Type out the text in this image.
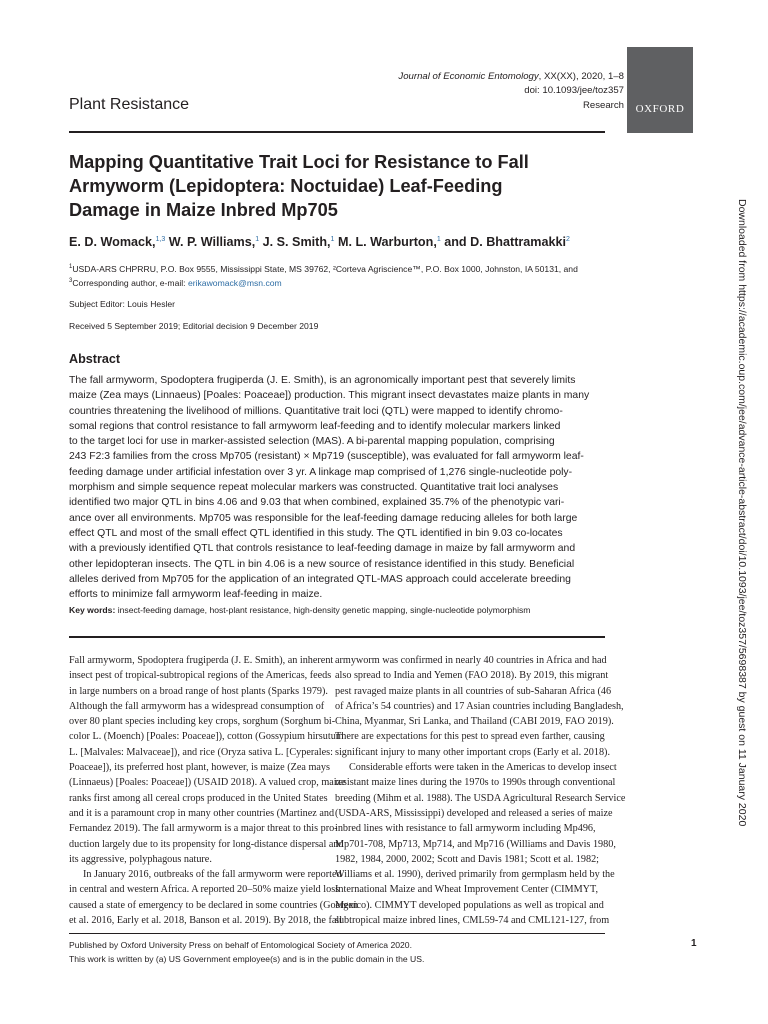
Journal of Economic Entomology, XX(XX), 2020, 1–8
doi: 10.1093/jee/toz357
Research	OXFORD
Plant Resistance
Mapping Quantitative Trait Loci for Resistance to Fall
Armyworm (Lepidoptera: Noctuidae) Leaf-Feeding
Damage in Maize Inbred Mp705
E. D. Womack,$^{1,3}$ W. P. Williams,$^1$ J. S. Smith,$^1$ M. L. Warburton,$^1$ and D. Bhattramakki$^2$
$^1$USDA-ARS CHPRRU, P.O. Box 9555, Mississippi State, MS 39762, ²Corteva Agriscience™, P.O. Box 1000, Johnston, IA 50131, and
$^3$Corresponding author, e-mail: erikawomack@msn.com
Subject Editor: Louis Hesler
Received 5 September 2019; Editorial decision 9 December 2019
Abstract
The fall armyworm, Spodoptera frugiperda (J. E. Smith), is an agronomically important pest that severely limits
maize (Zea mays (Linnaeus) [Poales: Poaceae]) production. This migrant insect devastates maize plants in many
countries threatening the livelihood of millions. Quantitative trait loci (QTL) were mapped to identify chromo-
somal regions that control resistance to fall armyworm leaf-feeding and to identify molecular markers linked
to the target loci for use in marker-assisted selection (MAS). A bi-parental mapping population, comprising
243 F2:3 families from the cross Mp705 (resistant) × Mp719 (susceptible), was evaluated for fall armyworm leaf-
feeding damage under artificial infestation over 3 yr. A linkage map comprised of 1,276 single-nucleotide poly-
morphism and simple sequence repeat molecular markers was constructed. Quantitative trait loci analyses
identified two major QTL in bins 4.06 and 9.03 that when combined, explained 35.7% of the phenotypic vari-
ance over all environments. Mp705 was responsible for the leaf-feeding damage reducing alleles for both large
effect QTL and most of the small effect QTL identified in this study. The QTL identified in bin 9.03 co-locates
with a previously identified QTL that controls resistance to leaf-feeding damage in maize by fall armyworm and
other lepidopteran insects. The QTL in bin 4.06 is a new source of resistance identified in this study. Beneficial
alleles derived from Mp705 for the application of an integrated QTL-MAS approach could accelerate breeding
efforts to minimize fall armyworm leaf-feeding in maize.
Key words: insect-feeding damage, host-plant resistance, high-density genetic mapping, single-nucleotide polymorphism
Fall armyworm, Spodoptera frugiperda (J. E. Smith), an inherent
insect pest of tropical-subtropical regions of the Americas, feeds
in large numbers on a broad range of host plants (Sparks 1979).
Although the fall armyworm has a widespread consumption of
over 80 plant species including key crops, sorghum (Sorghum bi-
color L. (Moench) [Poales: Poaceae]), cotton (Gossypium hirsutum
L. [Malvales: Malvaceae]), and rice (Oryza sativa L. [Cyperales:
Poaceae]), its preferred host plant, however, is maize (Zea mays
(Linnaeus) [Poales: Poaceae]) (USAID 2018). A valued crop, maize
ranks first among all cereal crops produced in the United States
and it is a paramount crop in many other countries (Martinez and
Fernandez 2019). The fall armyworm is a major threat to this pro-
duction largely due to its propensity for long-distance dispersal and
its aggressive, polyphagous nature.
In January 2016, outbreaks of the fall armyworm were reported
in central and western Africa. A reported 20–50% maize yield loss
caused a state of emergency to be declared in some countries (Goergen
et al. 2016, Early et al. 2018, Banson et al. 2019). By 2018, the fall
armyworm was confirmed in nearly 40 countries in Africa and had
also spread to India and Yemen (FAO 2018). By 2019, this migrant
pest ravaged maize plants in all countries of sub-Saharan Africa (46
of Africa’s 54 countries) and 17 Asian countries including Bangladesh,
China, Myanmar, Sri Lanka, and Thailand (CABI 2019, FAO 2019).
There are expectations for this pest to spread even farther, causing
significant injury to many other important crops (Early et al. 2018).
Considerable efforts were taken in the Americas to develop insect
resistant maize lines during the 1970s to 1990s through conventional
breeding (Mihm et al. 1988). The USDA Agricultural Research Service
(USDA-ARS, Mississippi) developed and released a series of maize
inbred lines with resistance to fall armyworm including Mp496,
Mp701-708, Mp713, Mp714, and Mp716 (Williams and Davis 1980,
1982, 1984, 2000, 2002; Scott and Davis 1981; Scott et al. 1982;
Williams et al. 1990), derived primarily from germplasm held by the
International Maize and Wheat Improvement Center (CIMMYT,
Mexico). CIMMYT developed populations as well as tropical and
subtropical maize inbred lines, CML59-74 and CML121-127, from
Published by Oxford University Press on behalf of Entomological Society of America 2020.
This work is written by (a) US Government employee(s) and is in the public domain in the US.
1
Downloaded from https://academic.oup.com/jee/advance-article-abstract/doi/10.1093/jee/toz357/5698387 by guest on 11 January 2020
